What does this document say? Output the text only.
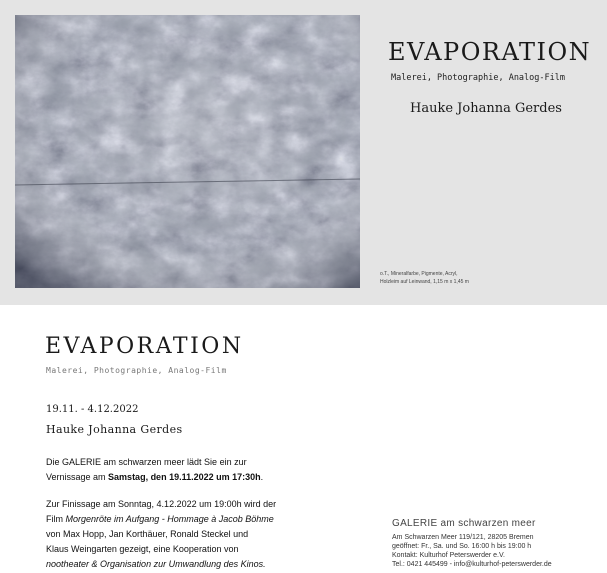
EVAPORATION
Malerei, Photographie, Analog-Film
Hauke Johanna Gerdes
o.T., Mineralfarbe, Pigmente, Acryl,
Holzleim auf Leinwand, 1,15 m x 1,45 m
EVAPORATION
Malerei, Photographie, Analog-Film
19.11. - 4.12.2022
Hauke Johanna Gerdes
Die GALERIE am schwarzen meer lädt Sie ein zur
Vernissage am Samstag, den 19.11.2022 um 17:30h.
Zur Finissage am Sonntag, 4.12.2022 um 19:00h wird der
Film Morgenröte im Aufgang - Hommage à Jacob Böhme
von Max Hopp, Jan Korthäuer, Ronald Steckel und
Klaus Weingarten gezeigt, eine Kooperation von
nootheater & Organisation zur Umwandlung des Kinos.
GALERIE am schwarzen meer
Am Schwarzen Meer 119/121, 28205 Bremen
geöffnet: Fr., Sa. und So. 16:00 h bis 19:00 h
Kontakt: Kulturhof Peterswerder e.V.
Tel.: 0421 445499 - info@kulturhof-peterswerder.de
